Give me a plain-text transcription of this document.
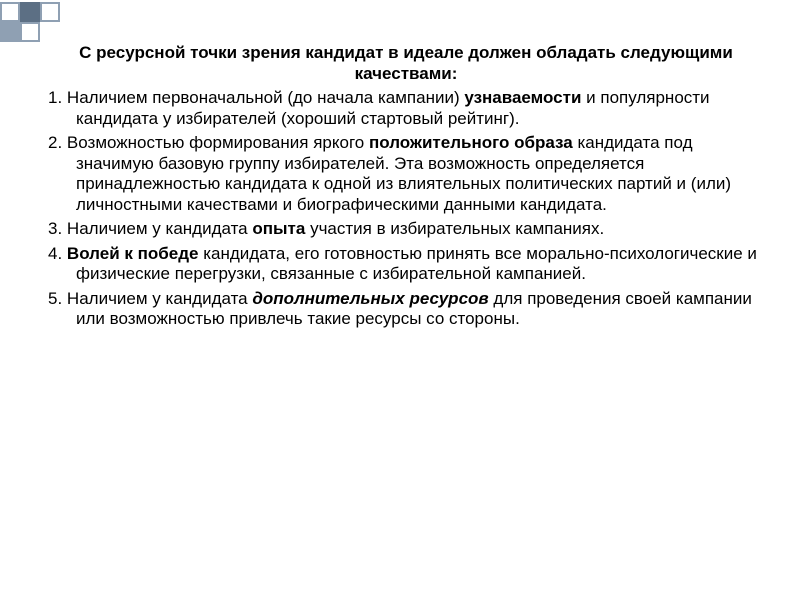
С ресурсной точки зрения кандидат в идеале должен обладать следующими качествами:

1. Наличием первоначальной (до начала кампании) узнаваемости и популярности кандидата у избирателей (хороший стартовый рейтинг).

2. Возможностью формирования яркого положительного образа кандидата под значимую базовую группу избирателей. Эта возможность определяется принадлежностью кандидата к одной из влиятельных политических партий и (или) личностными качествами и биографическими данными кандидата.

3. Наличием у кандидата опыта участия в избирательных кампаниях.

4. Волей к победе кандидата, его готовностью принять все морально-психологические и физические перегрузки, связанные с избирательной кампанией.

5. Наличием у кандидата дополнительных ресурсов для проведения своей кампании или возможностью привлечь такие ресурсы со стороны.
